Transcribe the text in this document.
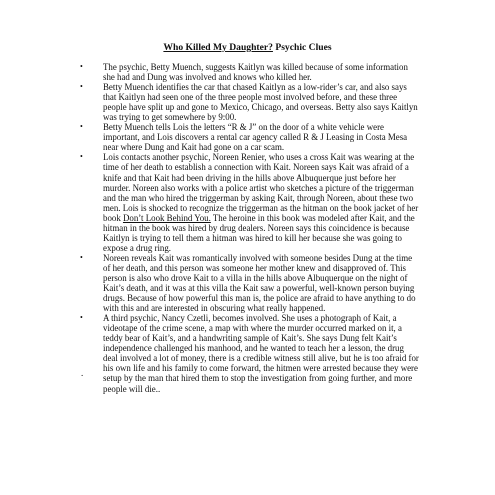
Who Killed My Daughter? Psychic Clues
• The psychic, Betty Muench, suggests Kaitlyn was killed because of some information she had and Dung was involved and knows who killed her.
• Betty Muench identifies the car that chased Kaitlyn as a low-rider’s car, and also says that Kaitlyn had seen one of the three people most involved before, and these three people have split up and gone to Mexico, Chicago, and overseas. Betty also says Kaitlyn was trying to get somewhere by 9:00.
• Betty Muench tells Lois the letters “R & J” on the door of a white vehicle were important, and Lois discovers a rental car agency called R & J Leasing in Costa Mesa near where Dung and Kait had gone on a car scam.
• Lois contacts another psychic, Noreen Renier, who uses a cross Kait was wearing at the time of her death to establish a connection with Kait. Noreen says Kait was afraid of a knife and that Kait had been driving in the hills above Albuquerque just before her murder. Noreen also works with a police artist who sketches a picture of the triggerman and the man who hired the triggerman by asking Kait, through Noreen, about these two men. Lois is shocked to recognize the triggerman as the hitman on the book jacket of her book Don’t Look Behind You. The heroine in this book was modeled after Kait, and the hitman in the book was hired by drug dealers. Noreen says this coincidence is because Kaitlyn is trying to tell them a hitman was hired to kill her because she was going to expose a drug ring.
• Noreen reveals Kait was romantically involved with someone besides Dung at the time of her death, and this person was someone her mother knew and disapproved of. This person is also who drove Kait to a villa in the hills above Albuquerque on the night of Kait’s death, and it was at this villa the Kait saw a powerful, well-known person buying drugs. Because of how powerful this man is, the police are afraid to have anything to do with this and are interested in obscuring what really happened.
• A third psychic, Nancy Czetli, becomes involved. She uses a photograph of Kait, a videotape of the crime scene, a map with where the murder occurred marked on it, a teddy bear of Kait’s, and a handwriting sample of Kait’s. She says Dung felt Kait’s independence challenged his manhood, and he wanted to teach her a lesson, the drug deal involved a lot of money, there is a credible witness still alive, but he is too afraid for his own life and his family to come forward, the hitmen were arrested because they were setup by the man that hired them to stop the investigation from going further, and more people will die..
.
